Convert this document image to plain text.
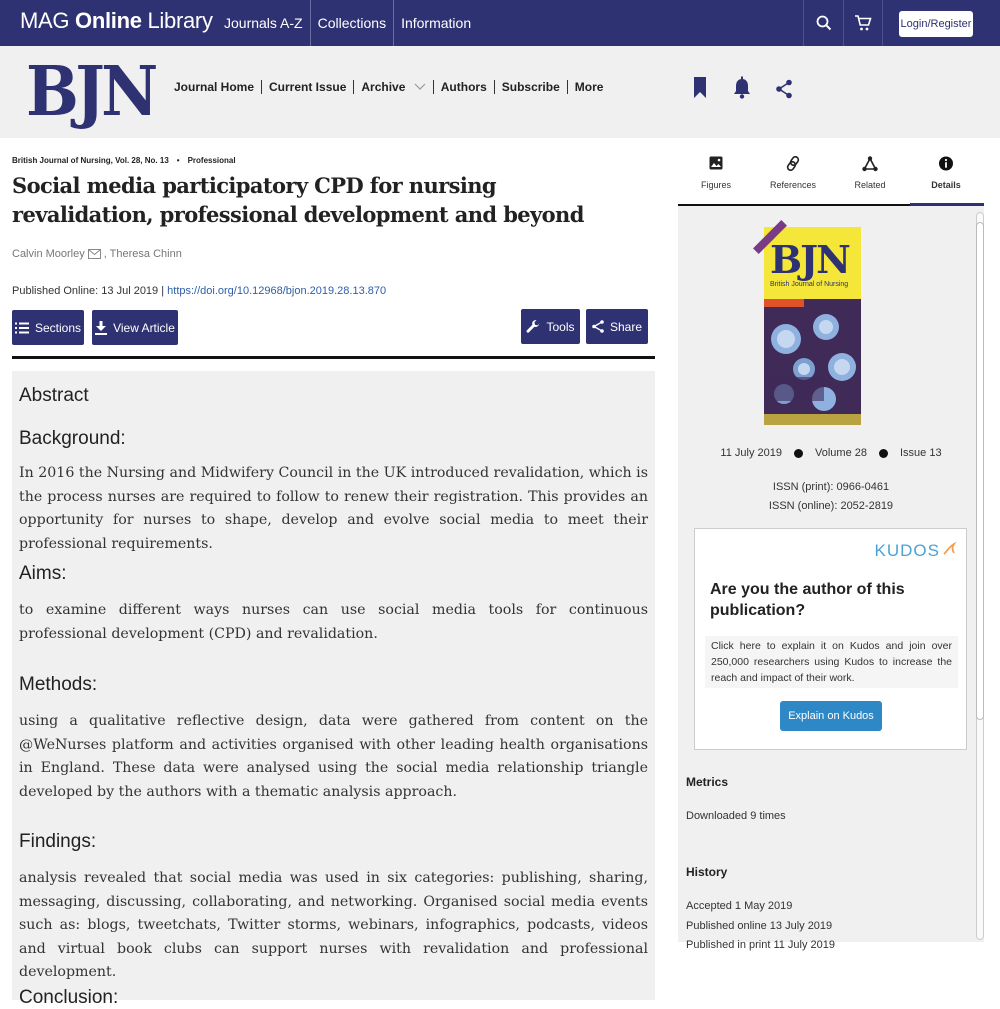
MAG Online Library Journals A-Z	Collections	Information	Login/Register
BJN	Journal Home	Current Issue	Archive	Authors	Subscribe	More
British Journal of Nursing, Vol. 28, No. 13 • Professional
Social media participatory CPD for nursing revalidation, professional development and beyond
Calvin Moorley , Theresa Chinn
Published Online: 13 Jul 2019 | https://doi.org/10.12968/bjon.2019.28.13.870
Sections	View Article	Tools	Share
Abstract
Background:

In 2016 the Nursing and Midwifery Council in the UK introduced revalidation, which is the process nurses are required to follow to renew their registration. This provides an opportunity for nurses to shape, develop and evolve social media to meet their professional requirements.

Aims:

to examine different ways nurses can use social media tools for continuous professional development (CPD) and revalidation.

Methods:

using a qualitative reflective design, data were gathered from content on the @WeNurses platform and activities organised with other leading health organisations in England. These data were analysed using the social media relationship triangle developed by the authors with a thematic analysis approach.

Findings:

analysis revealed that social media was used in six categories: publishing, sharing, messaging, discussing, collaborating, and networking. Organised social media events such as: blogs, tweetchats, Twitter storms, webinars, infographics, podcasts, videos and virtual book clubs can support nurses with revalidation and professional development.

Conclusion:
Figures	References	Related	Details
BJN
British Journal of Nursing
11 July 2019	Volume 28	Issue 13
ISSN (print): 0966-0461
ISSN (online): 2052-2819
KUDOS
Are you the author of this publication?
Click here to explain it on Kudos and join over 250,000 researchers using Kudos to increase the reach and impact of their work.
Explain on Kudos
Metrics
Downloaded 9 times
History
Accepted 1 May 2019
Published online 13 July 2019
Published in print 11 July 2019
